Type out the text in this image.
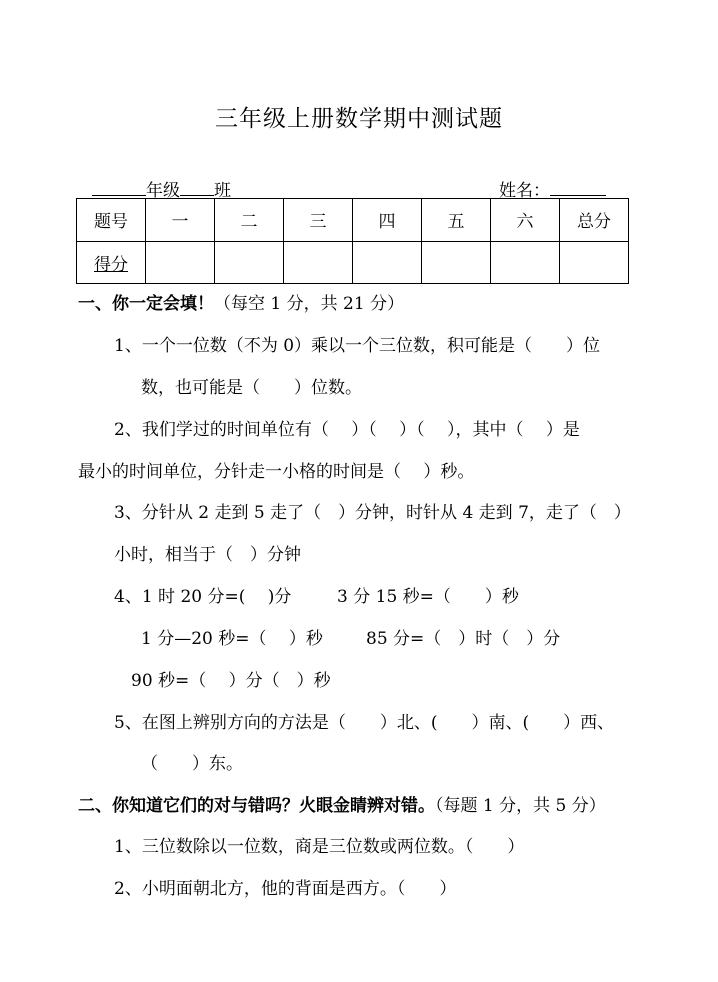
三年级上册数学期中测试题
年级 班	姓名：
题号	一	二	三	四	五	六	总分
得分							
一、你一定会填！（每空 1 分，共 21 分）
1、一个一位数（不为 0）乘以一个三位数，积可能是（　　）位
数，也可能是（　　）位数。
2、我们学过的时间单位有（　 ）（　 ）（　 ），其中（　 ）是
最小的时间单位，分针走一小格的时间是（　 ）秒。
3、分针从 2 走到 5 走了（　）分钟，时针从 4 走到 7，走了（　）
小时，相当于（　）分钟
4、1 时 20 分=(　 )分	3 分 15 秒=（　　）秒
1 分—20 秒=（　 ）秒	85 分=（　）时（　）分
90 秒=（　 ）分（　）秒
5、在图上辨别方向的方法是（　　）北、(　　）南、(　　）西、
（　　）东。
二、你知道它们的对与错吗？火眼金睛辨对错。（每题 1 分，共 5 分）
1、三位数除以一位数，商是三位数或两位数。（　　）
2、小明面朝北方，他的背面是西方。（　　）
